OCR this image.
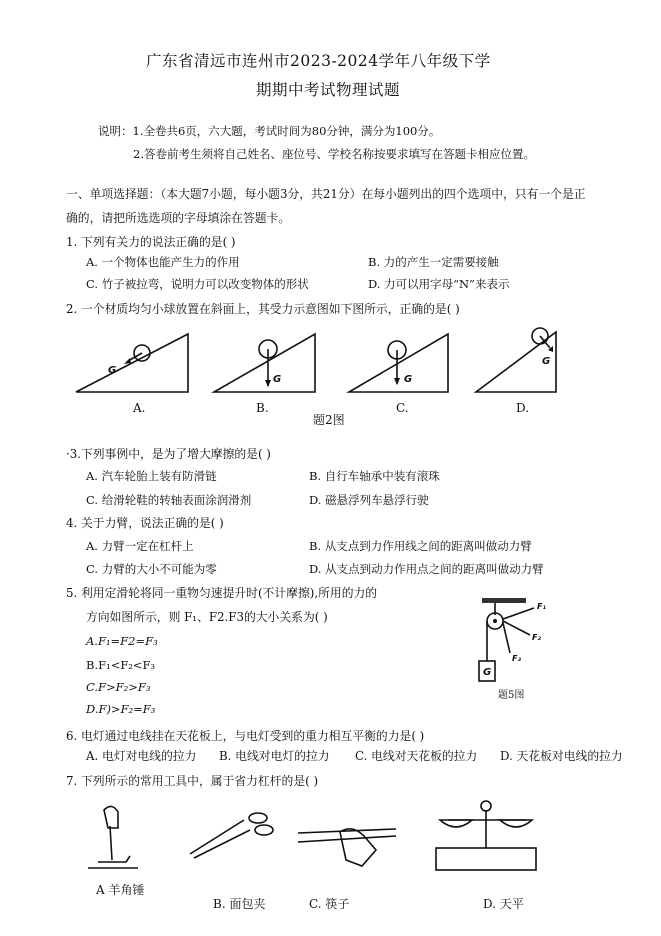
广东省清远市连州市2023-2024学年八年级下学
期期中考试物理试题
说明：1.全卷共6页，六大题，考试时间为80分钟，满分为100分。
2.答卷前考生须将自己姓名、座位号、学校名称按要求填写在答题卡相应位置。
一、单项选择题：（本大题7小题，每小题3分，共21分）在每小题列出的四个选项中，只有一个是正
确的，请把所选选项的字母填涂在答题卡。
1. 下列有关力的说法正确的是( )
A. 一个物体也能产生力的作用	B. 力的产生一定需要接触
C. 竹子被拉弯，说明力可以改变物体的形状	D. 力可以用字母“N”来表示
2. 一个材质均匀小球放置在斜面上，其受力示意图如下图所示，正确的是( )
G
G	G
G
A.	B.	C.	D.
题2图
·3.下列事例中，是为了增大摩擦的是( )
A. 汽车轮胎上装有防滑链	B. 自行车轴承中装有滚珠
C. 给滑轮鞋的转轴表面涂润滑剂	D. 磁悬浮列车悬浮行驶
4. 关于力臂，说法正确的是( )
A. 力臂一定在杠杆上	B. 从支点到力作用线之间的距离叫做动力臂
C. 力臂的大小不可能为零	D. 从支点到动力作用点之间的距离叫做动力臂
5. 利用定滑轮将同一重物匀速提升时(不计摩擦),所用的力的
方向如图所示，则 F₁、F2.F3的大小关系为( )
A.F₁=F2=F₃
B.F₁<F₂<F₃
C.F>F₂>F₃
D.F)>F₂=F₃
G
F₁
F₂
F₃
题5图
6. 电灯通过电线挂在天花板上，与电灯受到的重力相互平衡的力是( )
A. 电灯对电线的拉力 B. 电线对电灯的拉力 C. 电线对天花板的拉力 D. 天花板对电线的拉力
7. 下列所示的常用工具中，属于省力杠杆的是( )
A 羊角锤
B. 面包夹	C. 筷子	D. 天平
